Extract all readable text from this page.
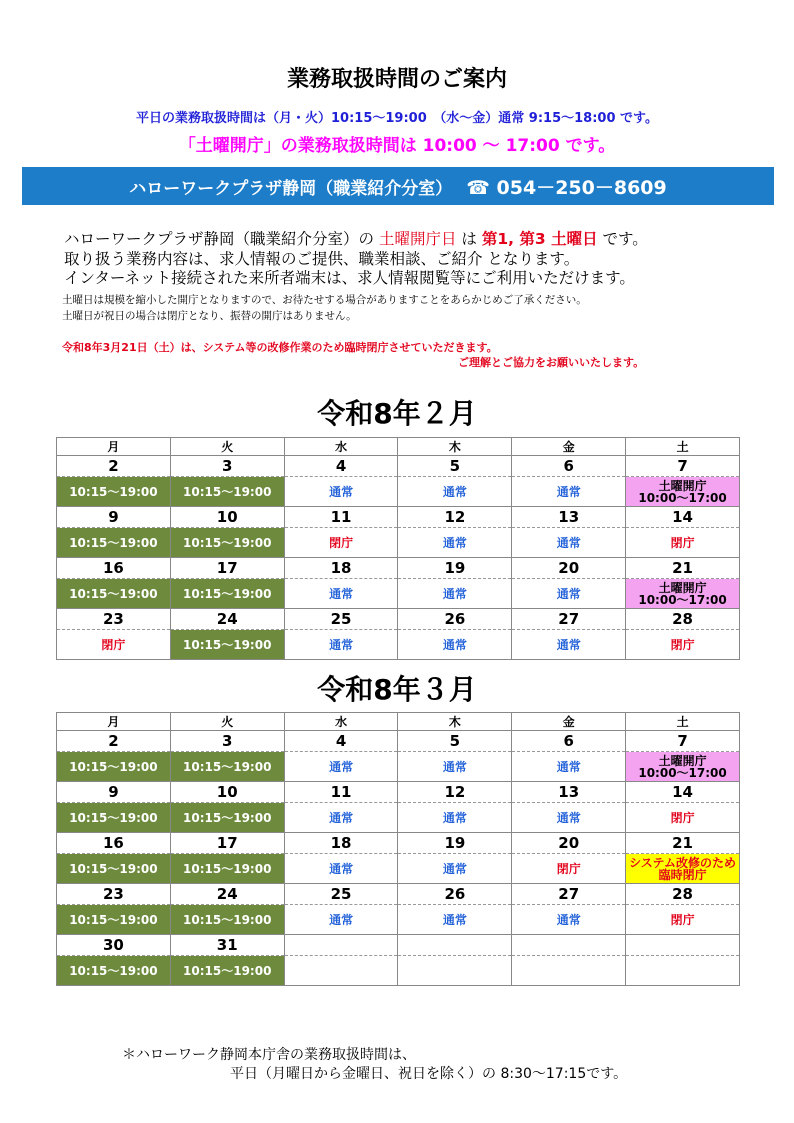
業務取扱時間のご案内
平日の業務取扱時間は（月・火）10:15～19:00　（水～金）通常 9:15～18:00 です。
「土曜開庁」の業務取扱時間は 10:00 ～ 17:00 です。
ハローワークプラザ静岡（職業紹介分室） ☎ 054－250－8609
ハローワークプラザ静岡（職業紹介分室）の 土曜開庁日 は 第1, 第3 土曜日 です。
取り扱う業務内容は、求人情報のご提供、職業相談、ご紹介 となります。
インターネット接続された来所者端末は、求人情報閲覧等にご利用いただけます。
土曜日は規模を縮小した開庁となりますので、お待たせする場合がありますことをあらかじめご了承ください。
土曜日が祝日の場合は閉庁となり、振替の開庁はありません。
令和8年3月21日（土）は、システム等の改修作業のため臨時閉庁させていただきます。
ご理解とご協力をお願いいたします。
令和8年２月
月	火	水	木	金	土
2	3	4	5	6	7
10:15～19:00	10:15～19:00	通常	通常	通常	土曜開庁
10:00～17:00

9	10	11	12	13	14
10:15～19:00	10:15～19:00	閉庁	通常	通常	閉庁
16	17	18	19	20	21
10:15～19:00	10:15～19:00	通常	通常	通常	土曜開庁
10:00～17:00

23	24	25	26	27	28
閉庁	10:15～19:00	通常	通常	通常	閉庁
令和8年３月
月	火	水	木	金	土
2	3	4	5	6	7
10:15～19:00	10:15～19:00	通常	通常	通常	土曜開庁
10:00～17:00

9	10	11	12	13	14
10:15～19:00	10:15～19:00	通常	通常	通常	閉庁
16	17	18	19	20	21
10:15～19:00	10:15～19:00	通常	通常	閉庁	システム改修のため
臨時閉庁

23	24	25	26	27	28
10:15～19:00	10:15～19:00	通常	通常	通常	閉庁
30	31				
10:15～19:00	10:15～19:00				
＊ハローワーク静岡本庁舎の業務取扱時間は、
平日（月曜日から金曜日、祝日を除く）の 8:30～17:15です。
